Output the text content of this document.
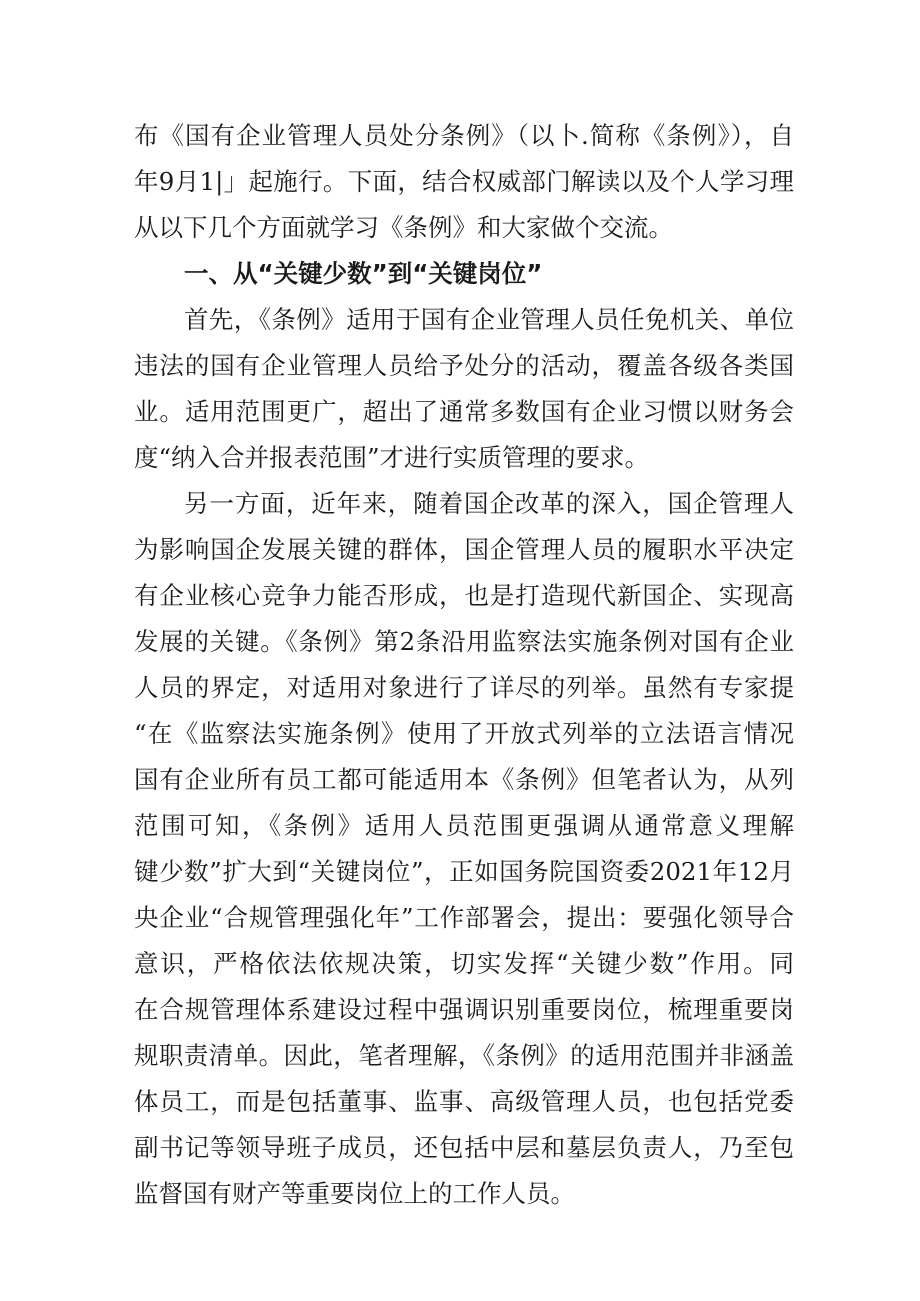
布《国有企业管理人员处分条例》（以卜.简称《条例》），自
年9月1|」起施行。下面，结合权威部门解读以及个人学习理
从以下几个方面就学习《条例》和大家做个交流。
一、从“关键少数”到“关键岗位”
首先，《条例》适用于国有企业管理人员任免机关、单位
违法的国有企业管理人员给予处分的活动，覆盖各级各类国
业。适用范围更广，超出了通常多数国有企业习惯以财务会
度“纳入合并报表范围”才进行实质管理的要求。
另一方面，近年来，随着国企改革的深入，国企管理人
为影响国企发展关键的群体，国企管理人员的履职水平决定
有企业核心竞争力能否形成，也是打造现代新国企、实现高
发展的关键。《条例》第2条沿用监察法实施条例对国有企业
人员的界定，对适用对象进行了详尽的列举。虽然有专家提
“在《监察法实施条例》使用了开放式列举的立法语言情况
国有企业所有员工都可能适用本《条例》但笔者认为，从列
范围可知，《条例》适用人员范围更强调从通常意义理解
键少数”扩大到“关键岗位”，正如国务院国资委2021年12月
央企业“合规管理强化年”工作部署会，提出：要强化领导合
意识，严格依法依规决策，切实发挥“关键少数”作用。同
在合规管理体系建设过程中强调识别重要岗位，梳理重要岗
规职责清单。因此，笔者理解，《条例》的适用范围并非涵盖
体员工，而是包括董事、监事、高级管理人员，也包括党委
副书记等领导班子成员，还包括中层和墓层负责人，乃至包
监督国有财产等重要岗位上的工作人员。
